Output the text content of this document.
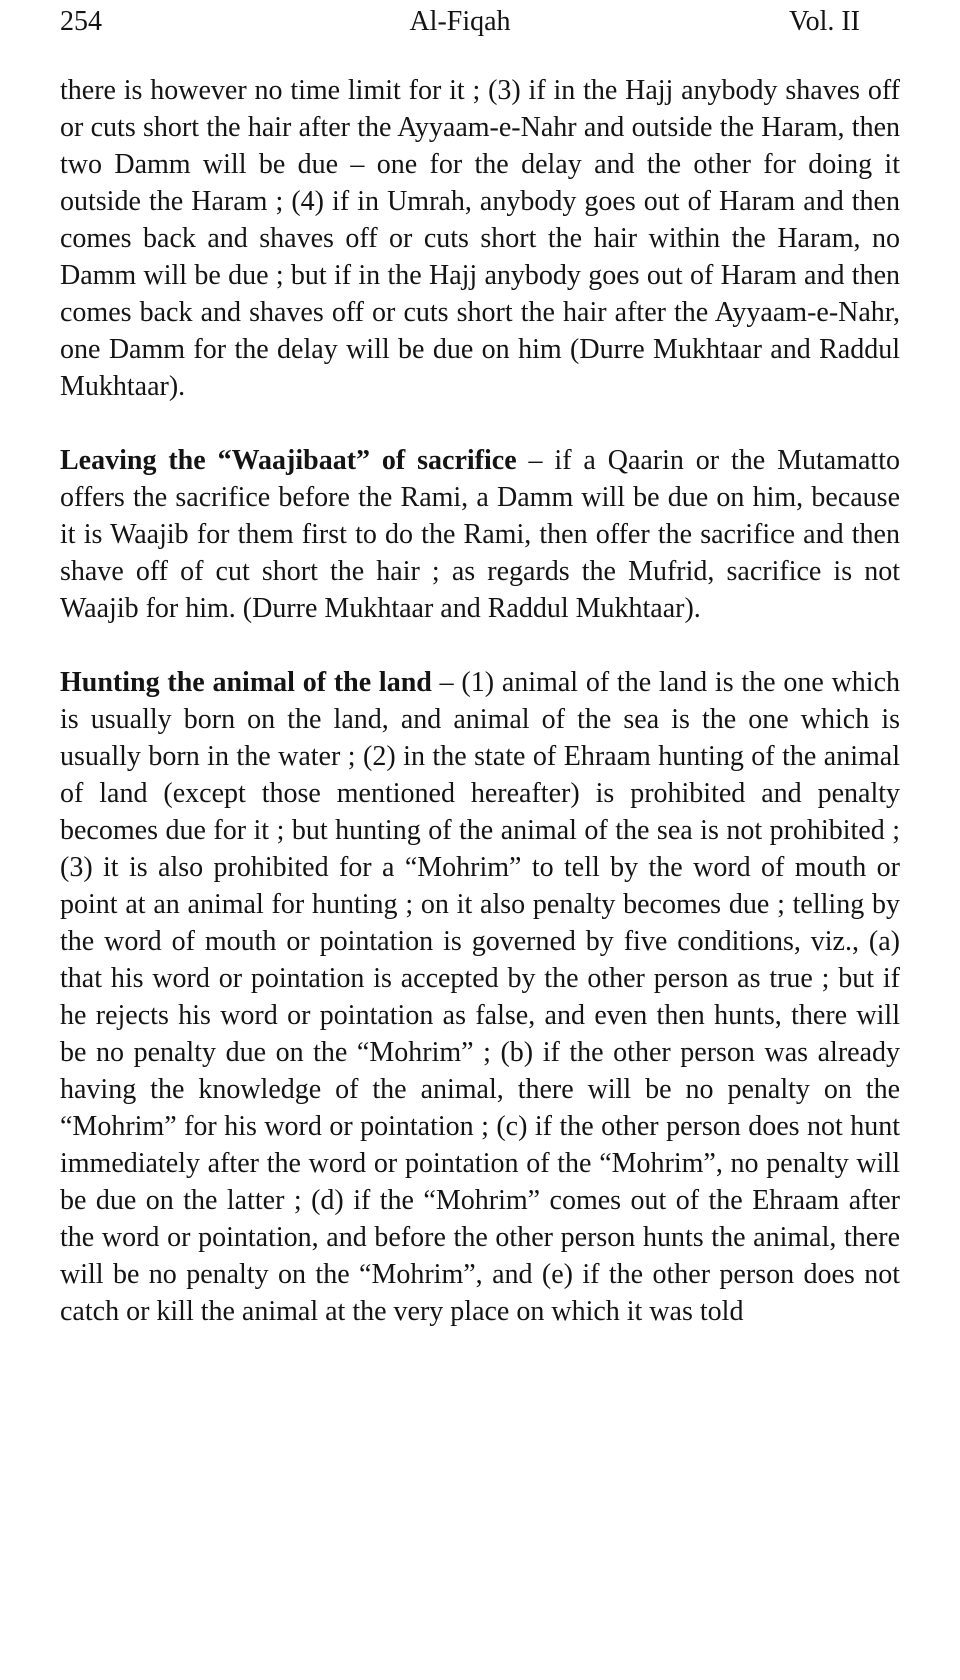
254	Al-Fiqah	Vol. II

there is however no time limit for it ; (3) if in the Hajj anybody shaves off or cuts short the hair after the Ayyaam-e-Nahr and outside the Haram, then two Damm will be due – one for the delay and the other for doing it outside the Haram ; (4) if in Umrah, anybody goes out of Haram and then comes back and shaves off or cuts short the hair within the Haram, no Damm will be due ; but if in the Hajj anybody goes out of Haram and then comes back and shaves off or cuts short the hair after the Ayyaam-e-Nahr, one Damm for the delay will be due on him (Durre Mukhtaar and Raddul Mukhtaar).

Leaving the “Waajibaat” of sacrifice – if a Qaarin or the Mutamatto offers the sacrifice before the Rami, a Damm will be due on him, because it is Waajib for them first to do the Rami, then offer the sacrifice and then shave off of cut short the hair ; as regards the Mufrid, sacrifice is not Waajib for him. (Durre Mukhtaar and Raddul Mukhtaar).

Hunting the animal of the land – (1) animal of the land is the one which is usually born on the land, and animal of the sea is the one which is usually born in the water ; (2) in the state of Ehraam hunting of the animal of land (except those mentioned hereafter) is prohibited and penalty becomes due for it ; but hunting of the animal of the sea is not prohibited ; (3) it is also prohibited for a “Mohrim” to tell by the word of mouth or point at an animal for hunting ; on it also penalty becomes due ; telling by the word of mouth or pointation is governed by five conditions, viz., (a) that his word or pointation is accepted by the other person as true ; but if he rejects his word or pointation as false, and even then hunts, there will be no penalty due on the “Mohrim” ; (b) if the other person was already having the knowledge of the animal, there will be no penalty on the “Mohrim” for his word or pointation ; (c) if the other person does not hunt immediately after the word or pointation of the “Mohrim”, no penalty will be due on the latter ; (d) if the “Mohrim” comes out of the Ehraam after the word or pointation, and before the other person hunts the animal, there will be no penalty on the “Mohrim”, and (e) if the other person does not catch or kill the animal at the very place on which it was told
